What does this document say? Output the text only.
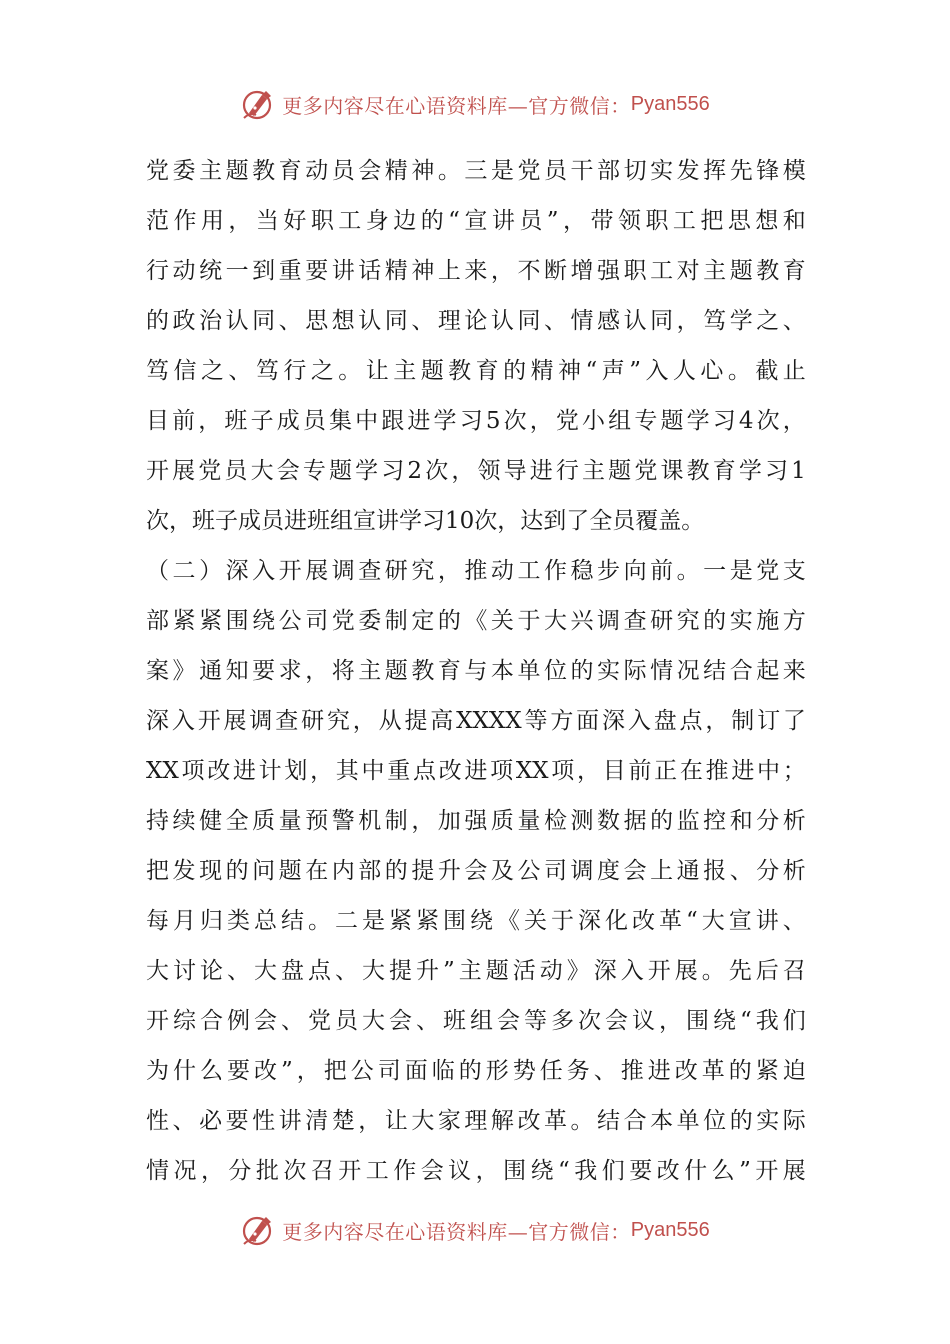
更多内容尽在心语资料库—官方微信： Pyan556
党 委 主 题 教 育 动 员 会 精 神 。 三 是 党 员 干 部 切 实 发 挥 先 锋 模
范 作 用 ， 当 好 职 工 身 边 的 “ 宣 讲 员 ” ， 带 领 职 工 把 思 想 和
行 动 统 一 到 重 要 讲 话 精 神 上 来 ， 不 断 增 强 职 工 对 主 题 教 育
的 政 治 认 同 、 思 想 认 同 、 理 论 认 同 、 情 感 认 同 ， 笃 学 之 、
笃 信 之 、 笃 行 之 。 让 主 题 教 育 的 精 神 “ 声 ” 入 人 心 。 截 止
目 前 ， 班 子 成 员 集 中 跟 进 学 习 5 次 ， 党 小 组 专 题 学 习 4 次 ，
开 展 党 员 大 会 专 题 学 习 2 次 ， 领 导 进 行 主 题 党 课 教 育 学 习 1
次 ， 班 子 成 员 进 班 组 宣 讲 学 习 10 次 ， 达 到 了 全 员 覆 盖 。
（ 二 ） 深 入 开 展 调 查 研 究 ， 推 动 工 作 稳 步 向 前 。 一 是 党 支
部 紧 紧 围 绕 公 司 党 委 制 定 的 《 关 于 大 兴 调 查 研 究 的 实 施 方
案 》 通 知 要 求 ， 将 主 题 教 育 与 本 单 位 的 实 际 情 况 结 合 起 来
深 入 开 展 调 查 研 究 ， 从 提 高 XXXX 等 方 面 深 入 盘 点 ， 制 订 了
XX 项 改 进 计 划 ， 其 中 重 点 改 进 项 XX 项 ， 目 前 正 在 推 进 中 ；
持 续 健 全 质 量 预 警 机 制 ， 加 强 质 量 检 测 数 据 的 监 控 和 分 析
把 发 现 的 问 题 在 内 部 的 提 升 会 及 公 司 调 度 会 上 通 报 、 分 析
每 月 归 类 总 结 。 二 是 紧 紧 围 绕 《 关 于 深 化 改 革 “ 大 宣 讲 、
大 讨 论 、 大 盘 点 、 大 提 升 ” 主 题 活 动 》 深 入 开 展 。 先 后 召
开 综 合 例 会 、 党 员 大 会 、 班 组 会 等 多 次 会 议 ， 围 绕 “ 我 们
为 什 么 要 改 ” ， 把 公 司 面 临 的 形 势 任 务 、 推 进 改 革 的 紧 迫
性 、 必 要 性 讲 清 楚 ， 让 大 家 理 解 改 革 。 结 合 本 单 位 的 实 际
情 况 ， 分 批 次 召 开 工 作 会 议 ， 围 绕 “ 我 们 要 改 什 么 ” 开 展
更多内容尽在心语资料库—官方微信： Pyan556
